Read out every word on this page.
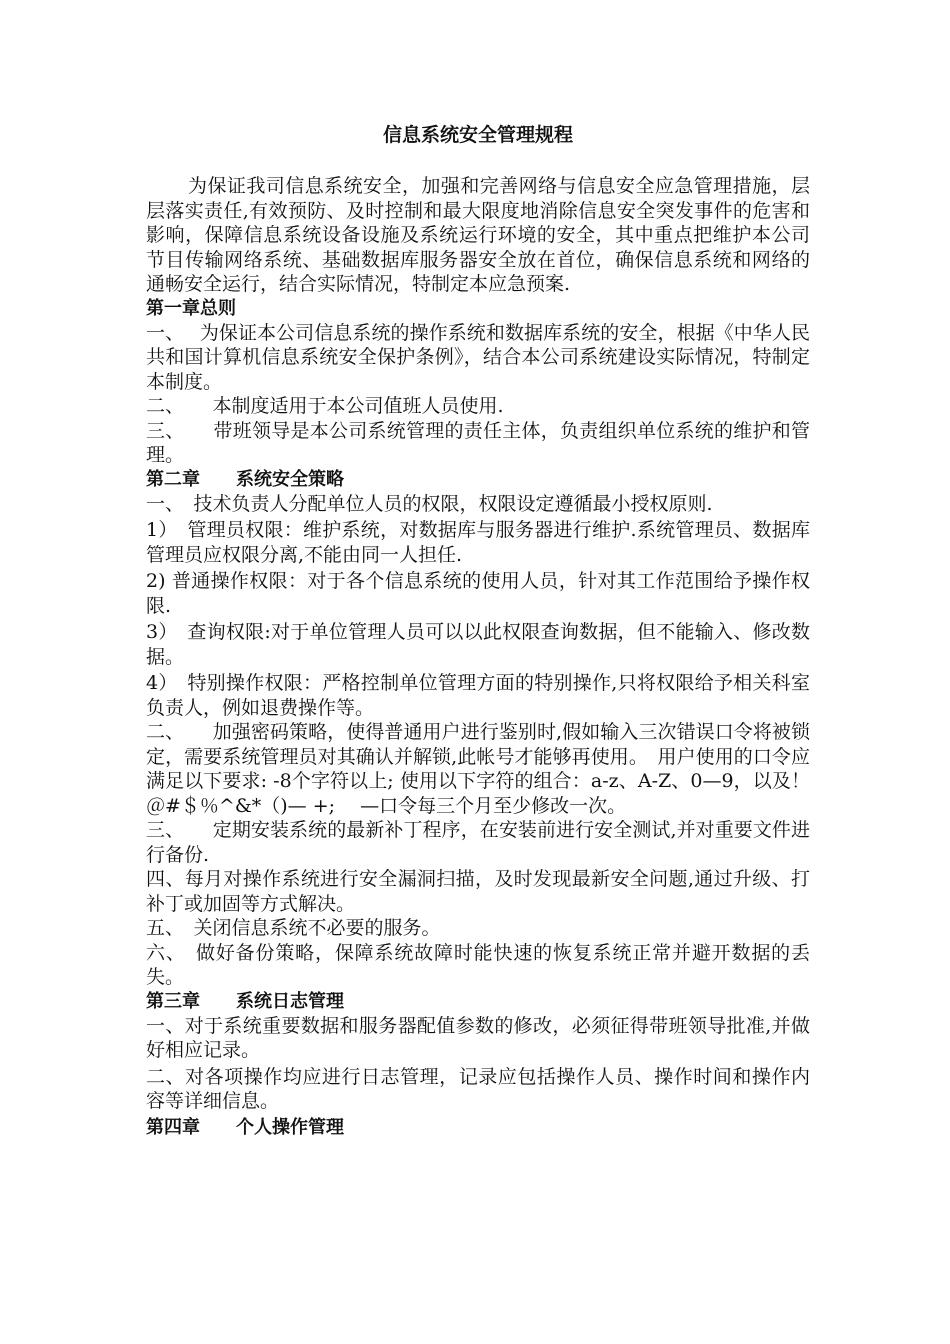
信息系统安全管理规程

为保证我司信息系统安全，加强和完善网络与信息安全应急管理措施，层层落实责任,有效预防、及时控制和最大限度地消除信息安全突发事件的危害和影响，保障信息系统设备设施及系统运行环境的安全，其中重点把维护本公司节目传输网络系统、基础数据库服务器安全放在首位，确保信息系统和网络的通畅安全运行，结合实际情况，特制定本应急预案.

第一章总则

一、　 为保证本公司信息系统的操作系统和数据库系统的安全，根据《中华人民共和国计算机信息系统安全保护条例》，结合本公司系统建设实际情况，特制定本制度。

二、　　本制度适用于本公司值班人员使用.

三、　　带班领导是本公司系统管理的责任主体，负责组织单位系统的维护和管理。

第二章　　系统安全策略

一、　技术负责人分配单位人员的权限，权限设定遵循最小授权原则.

1）　管理员权限：维护系统，对数据库与服务器进行维护.系统管理员、数据库管理员应权限分离,不能由同一人担任.

2) 普通操作权限：对于各个信息系统的使用人员，针对其工作范围给予操作权限.

3）　查询权限:对于单位管理人员可以以此权限查询数据，但不能输入、修改数据。

4）　特别操作权限：严格控制单位管理方面的特别操作,只将权限给予相关科室负责人，例如退费操作等。

二、　　加强密码策略，使得普通用户进行鉴别时,假如输入三次错误口令将被锁定，需要系统管理员对其确认并解锁,此帐号才能够再使用。　用户使用的口令应满足以下要求: -8个字符以上; 使用以下字符的组合：a-z、A-Z、0—9，以及！＠#＄％^&*（)— +;　 —口令每三个月至少修改一次。

三、　　定期安装系统的最新补丁程序，在安装前进行安全测试,并对重要文件进行备份.

四、每月对操作系统进行安全漏洞扫描，及时发现最新安全问题,通过升级、打补丁或加固等方式解决。

五、　关闭信息系统不必要的服务。

六、　做好备份策略，保障系统故障时能快速的恢复系统正常并避开数据的丢失。

第三章　　系统日志管理

一、对于系统重要数据和服务器配值参数的修改，必须征得带班领导批准,并做好相应记录。

二、对各项操作均应进行日志管理，记录应包括操作人员、操作时间和操作内容等详细信息。

第四章　　个人操作管理
